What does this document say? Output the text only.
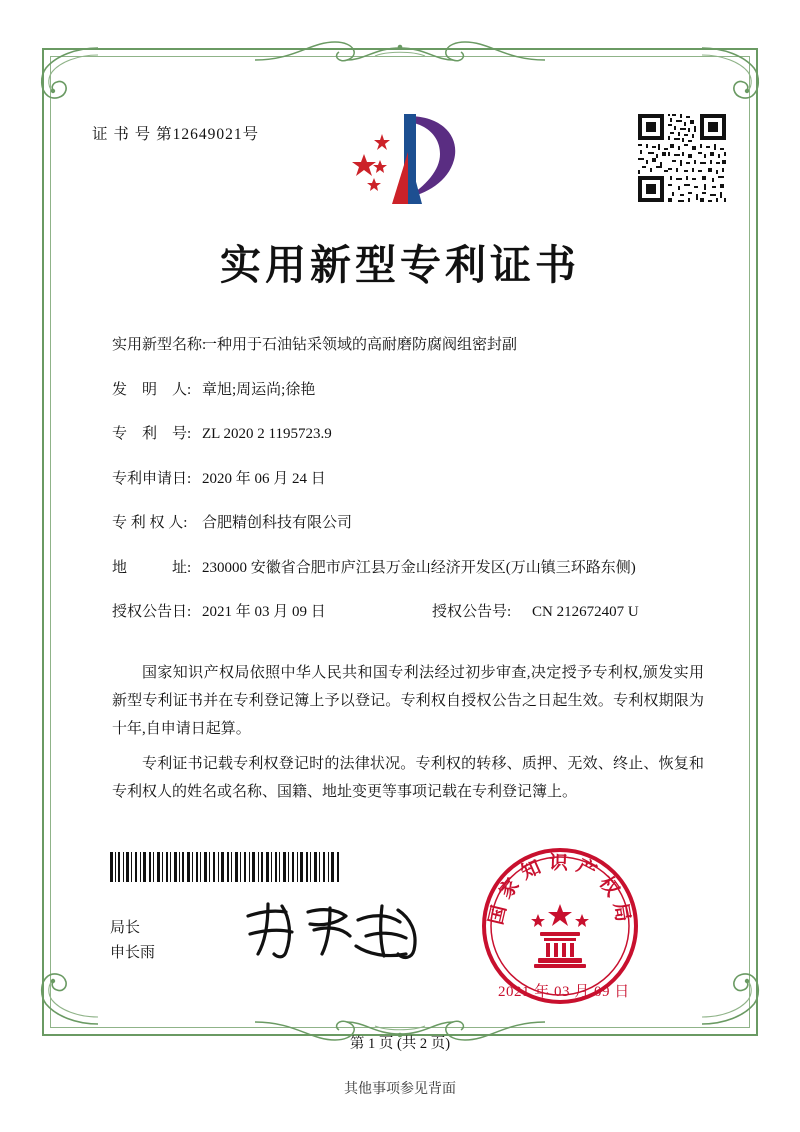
证 书 号 第12649021号
实用新型专利证书
实用新型名称:
一种用于石油钻采领域的高耐磨防腐阀组密封副
发　明　人: 章旭;周运尚;徐艳
专　利　号: ZL 2020 2 1195723.9
专利申请日: 2020 年 06 月 24 日
专 利 权 人: 合肥精创科技有限公司
地　　　址: 230000 安徽省合肥市庐江县万金山经济开发区(万山镇三环路东侧)
授权公告日: 2021 年 03 月 09 日	授权公告号:	CN 212672407 U

国家知识产权局依照中华人民共和国专利法经过初步审查,决定授予专利权,颁发实用新型专利证书并在专利登记簿上予以登记。专利权自授权公告之日起生效。专利权期限为十年,自申请日起算。

专利证书记载专利权登记时的法律状况。专利权的转移、质押、无效、终止、恢复和专利权人的姓名或名称、国籍、地址变更等事项记载在专利登记簿上。

局长
申长雨
国家知识产权局
2021 年 03 月 09 日
第 1 页 (共 2 页)
其他事项参见背面
